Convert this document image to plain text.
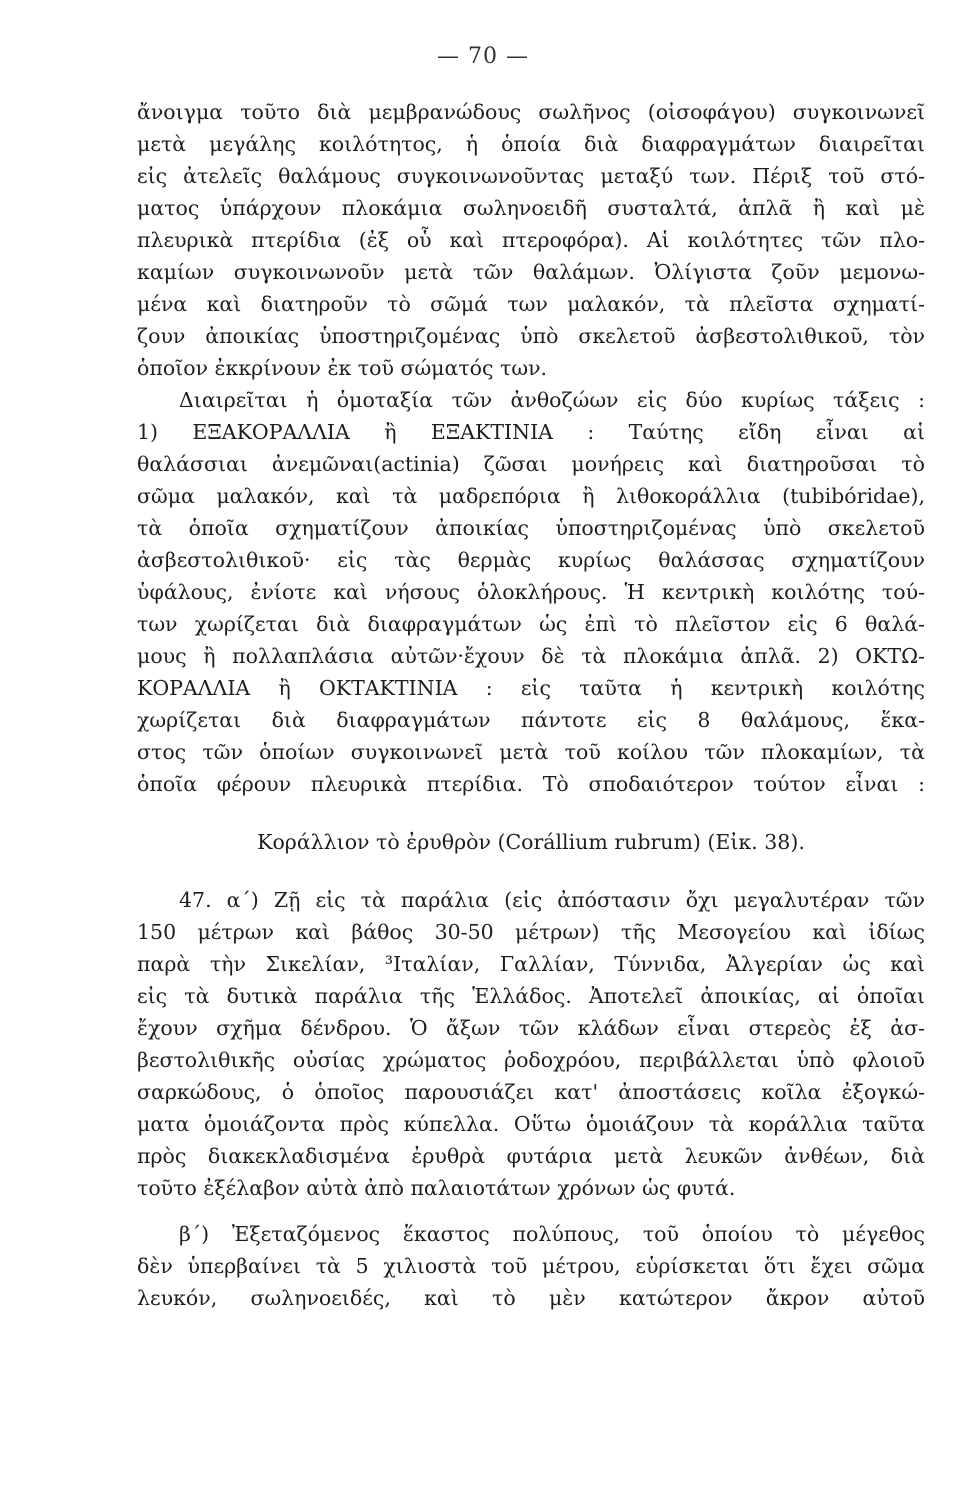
— 70 —
ἄνοιγμα τοῦτο διὰ μεμβρανώδους σωλῆνος (οἰσοφάγου) συγκοινωνεῖ
μετὰ μεγάλης κοιλότητος, ἡ ὁποία διὰ διαφραγμάτων διαιρεῖται
εἰς ἀτελεῖς θαλάμους συγκοινωνοῦντας μεταξύ των. Πέριξ τοῦ στό-
ματος ὑπάρχουν πλοκάμια σωληνοειδῆ συσταλτά, ἁπλᾶ ἢ καὶ μὲ
πλευρικὰ πτερίδια (ἐξ οὗ καὶ πτεροφόρα). Αἱ κοιλότητες τῶν πλο-
καμίων συγκοινωνοῦν μετὰ τῶν θαλάμων. Ὀλίγιστα ζοῦν μεμονω-
μένα καὶ διατηροῦν τὸ σῶμά των μαλακόν, τὰ πλεῖστα σχηματί-
ζουν ἀποικίας ὑποστηριζομένας ὑπὸ σκελετοῦ ἀσβεστολιθικοῦ, τὸν
ὁποῖον ἐκκρίνουν ἐκ τοῦ σώματός των.
Διαιρεῖται ἡ ὁμοταξία τῶν ἀνθοζώων εἰς δύο κυρίως τάξεις :
1) ΕΞΑΚΟΡΑΛΛΙΑ ἢ ΕΞΑΚΤΙΝΙΑ : Ταύτης εἴδη εἶναι αἱ
θαλάσσιαι ἀνεμῶναι(actinia) ζῶσαι μονήρεις καὶ διατηροῦσαι τὸ
σῶμα μαλακόν, καὶ τὰ μαδρεπόρια ἢ λιθοκοράλλια (tubibóridae),
τὰ ὁποῖα σχηματίζουν ἀποικίας ὑποστηριζομένας ὑπὸ σκελετοῦ
ἀσβεστολιθικοῦ· εἰς τὰς θερμὰς κυρίως θαλάσσας σχηματίζουν
ὑφάλους, ἐνίοτε καὶ νήσους ὁλοκλήρους. Ἡ κεντρικὴ κοιλότης τού-
των χωρίζεται διὰ διαφραγμάτων ὡς ἐπὶ τὸ πλεῖστον εἰς 6 θαλά-
μους ἢ πολλαπλάσια αὐτῶν·ἔχουν δὲ τὰ πλοκάμια ἁπλᾶ. 2) ΟΚΤΩ-
ΚΟΡΑΛΛΙΑ ἢ ΟΚΤΑΚΤΙΝΙΑ : εἰς ταῦτα ἡ κεντρικὴ κοιλότης
χωρίζεται διὰ διαφραγμάτων πάντοτε εἰς 8 θαλάμους, ἕκα-
στος τῶν ὁποίων συγκοινωνεῖ μετὰ τοῦ κοίλου τῶν πλοκαμίων, τὰ
ὁποῖα φέρουν πλευρικὰ πτερίδια. Τὸ σποδαιότερον τούτον εἶναι :
Κοράλλιον τὸ ἐρυθρὸν (Corállium rubrum) (Εἰκ. 38).
47. α΄) Ζῇ εἰς τὰ παράλια (εἰς ἀπόστασιν ὄχι μεγαλυτέραν τῶν
150 μέτρων καὶ βάθος 30-50 μέτρων) τῆς Μεσογείου καὶ ἰδίως
παρὰ τὴν Σικελίαν, ³Ιταλίαν, Γαλλίαν, Τύννιδα, Ἀλγερίαν ὡς καὶ
εἰς τὰ δυτικὰ παράλια τῆς Ἑλλάδος. Ἀποτελεῖ ἀποικίας, αἱ ὁποῖαι
ἔχουν σχῆμα δένδρου. Ὁ ἄξων τῶν κλάδων εἶναι στερεὸς ἐξ ἀσ-
βεστολιθικῆς οὐσίας χρώματος ῥοδοχρόου, περιβάλλεται ὑπὸ φλοιοῦ
σαρκώδους, ὁ ὁποῖος παρουσιάζει κατ' ἀποστάσεις κοῖλα ἐξογκώ-
ματα ὁμοιάζοντα πρὸς κύπελλα. Οὕτω ὁμοιάζουν τὰ κοράλλια ταῦτα
πρὸς διακεκλαδισμένα ἐρυθρὰ φυτάρια μετὰ λευκῶν ἀνθέων, διὰ
τοῦτο ἐξέλαβον αὐτὰ ἀπὸ παλαιοτάτων χρόνων ὡς φυτά.
β΄) Ἐξεταζόμενος ἕκαστος πολύπους, τοῦ ὁποίου τὸ μέγεθος
δὲν ὑπερβαίνει τὰ 5 χιλιοστὰ τοῦ μέτρου, εὑρίσκεται ὅτι ἔχει σῶμα
λευκόν, σωληνοειδές, καὶ τὸ μὲν κατώτερον ἄκρον αὐτοῦ
